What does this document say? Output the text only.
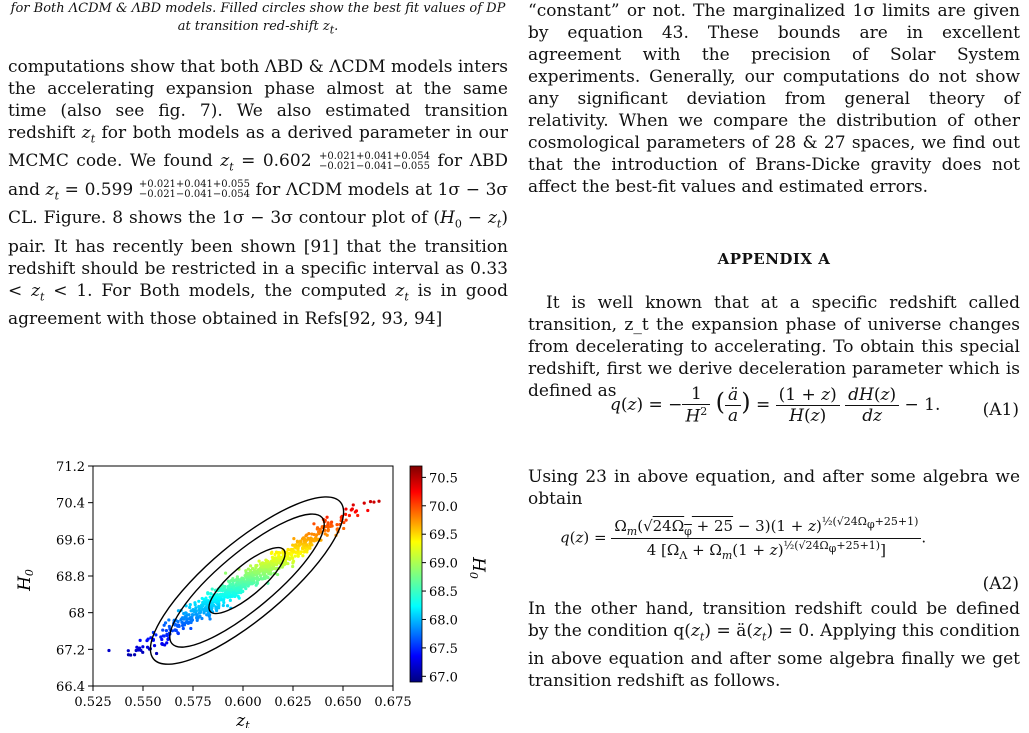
for Both ΛCDM & ΛBD models. Filled circles show the best fit values of DP at transition red-shift $z_t$.

computations show that both ΛBD & ΛCDM models inters the accelerating expansion phase almost at the same time (also see fig. 7). We also estimated transition redshift $z_t$ for both models as a derived parameter in our MCMC code. We found $z_t = 0.602 +0.021+0.041+0.054$
−0.021−0.041−0.055 for ΛBD and $z_t = 0.599 +0.021+0.041+0.055$
−0.021−0.041−0.054 for ΛCDM models at 1σ − 3σ CL. Figure. 8 shows the 1σ − 3σ contour plot of $(H_0 - z_t)$ pair. It has recently been shown [91] that the transition redshift should be restricted in a specific interval as $0.33 < z_t < 1$. For Both models, the computed $z_t$ is in good agreement with those obtained in Refs[92, 93, 94]

0.525 0.550 0.575 0.600 0.625 0.650 0.675
71.2
70.4
69.6
68.8
68
67.2
66.4
zt
H0
70.5
70.0
69.5
69.0
68.5
68.0
67.5
67.0
H0

“constant” or not. The marginalized 1σ limits are given by equation 43. These bounds are in excellent agreement with the precision of Solar System experiments. Generally, our computations do not show any significant deviation from general theory of relativity. When we compare the distribution of other cosmological parameters of 28 & 27 spaces, we find out that the introduction of Brans-Dicke gravity does not affect the best-fit values and estimated errors.

APPENDIX A

It is well known that at a specific redshift called transition, z_t the expansion phase of universe changes from decelerating to accelerating. To obtain this special redshift, first we derive deceleration parameter which is defined as

q(z) = − $\frac{1}{H^2}$ ( $\frac{ä}{a}$ ) = $\frac{(1 + z)}{H(z)}$
$\frac{dH(z)}{dz} - 1$. (A1)

Using 23 in above equation, and after some algebra we obtain

$q(z) = \frac{\Omega_m(√24\Omega_\varphi + 25 - 3)(1 + z)^{\frac{1}{2}(√24\Omega_\varphi+25+1)}}{4 [\Omega_\Lambda + \Omega_m(1 + z)^{\frac{1}{2}(√24\Omega_\varphi+25+1)}]}$ .
(A2)

In the other hand, transition redshift could be defined by the condition $q(z_t)$ = $ä(z_t) = 0$. Applying this condition in above equation and after some algebra finally we get transition redshift as follows.
